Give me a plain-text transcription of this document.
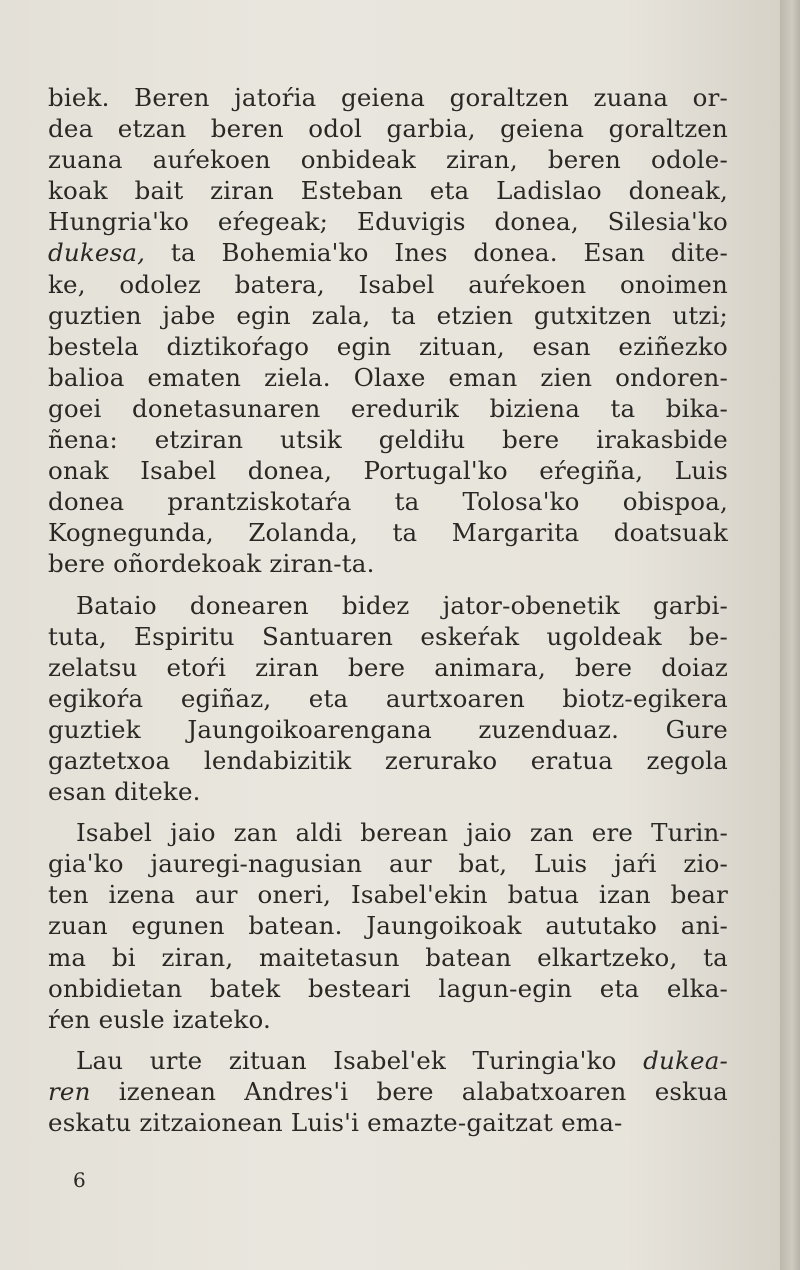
biek. Beren jatoŕia geiena goraltzen zuana or-
dea etzan beren odol garbia, geiena goraltzen
zuana auŕekoen onbideak ziran, beren odole-
koak bait ziran Esteban eta Ladislao doneak,
Hungria'ko eŕegeak; Eduvigis donea, Silesia'ko
dukesa, ta Bohemia'ko Ines donea. Esan dite-
ke, odolez batera, Isabel auŕekoen onoimen
guztien jabe egin zala, ta etzien gutxitzen utzi;
bestela diztikoŕago egin zituan, esan eziñezko
balioa ematen ziela. Olaxe eman zien ondoren-
goei donetasunaren eredurik biziena ta bika-
ñena: etziran utsik geldiłu bere irakasbide
onak Isabel donea, Portugal'ko eŕegiña, Luis
donea prantziskotaŕa ta Tolosa'ko obispoa,
Kognegunda, Zolanda, ta Margarita doatsuak
bere oñordekoak ziran-ta.

Bataio donearen bidez jator-obenetik garbi-
tuta, Espiritu Santuaren eskeŕak ugoldeak be-
zelatsu etoŕi ziran bere animara, bere doiaz
egikoŕa egiñaz, eta aurtxoaren biotz-egikera
guztiek Jaungoikoarengana zuzenduaz. Gure
gaztetxoa lendabizitik zerurako eratua zegola
esan diteke.

Isabel jaio zan aldi berean jaio zan ere Turin-
gia'ko jauregi-nagusian aur bat, Luis jaŕi zio-
ten izena aur oneri, Isabel'ekin batua izan bear
zuan egunen batean. Jaungoikoak aututako ani-
ma bi ziran, maitetasun batean elkartzeko, ta
onbidietan batek besteari lagun-egin eta elka-
ŕen eusle izateko.

Lau urte zituan Isabel'ek Turingia'ko dukea-
ren izenean Andres'i bere alabatxoaren eskua
eskatu zitzaionean Luis'i emazte-gaitzat ema-

6
